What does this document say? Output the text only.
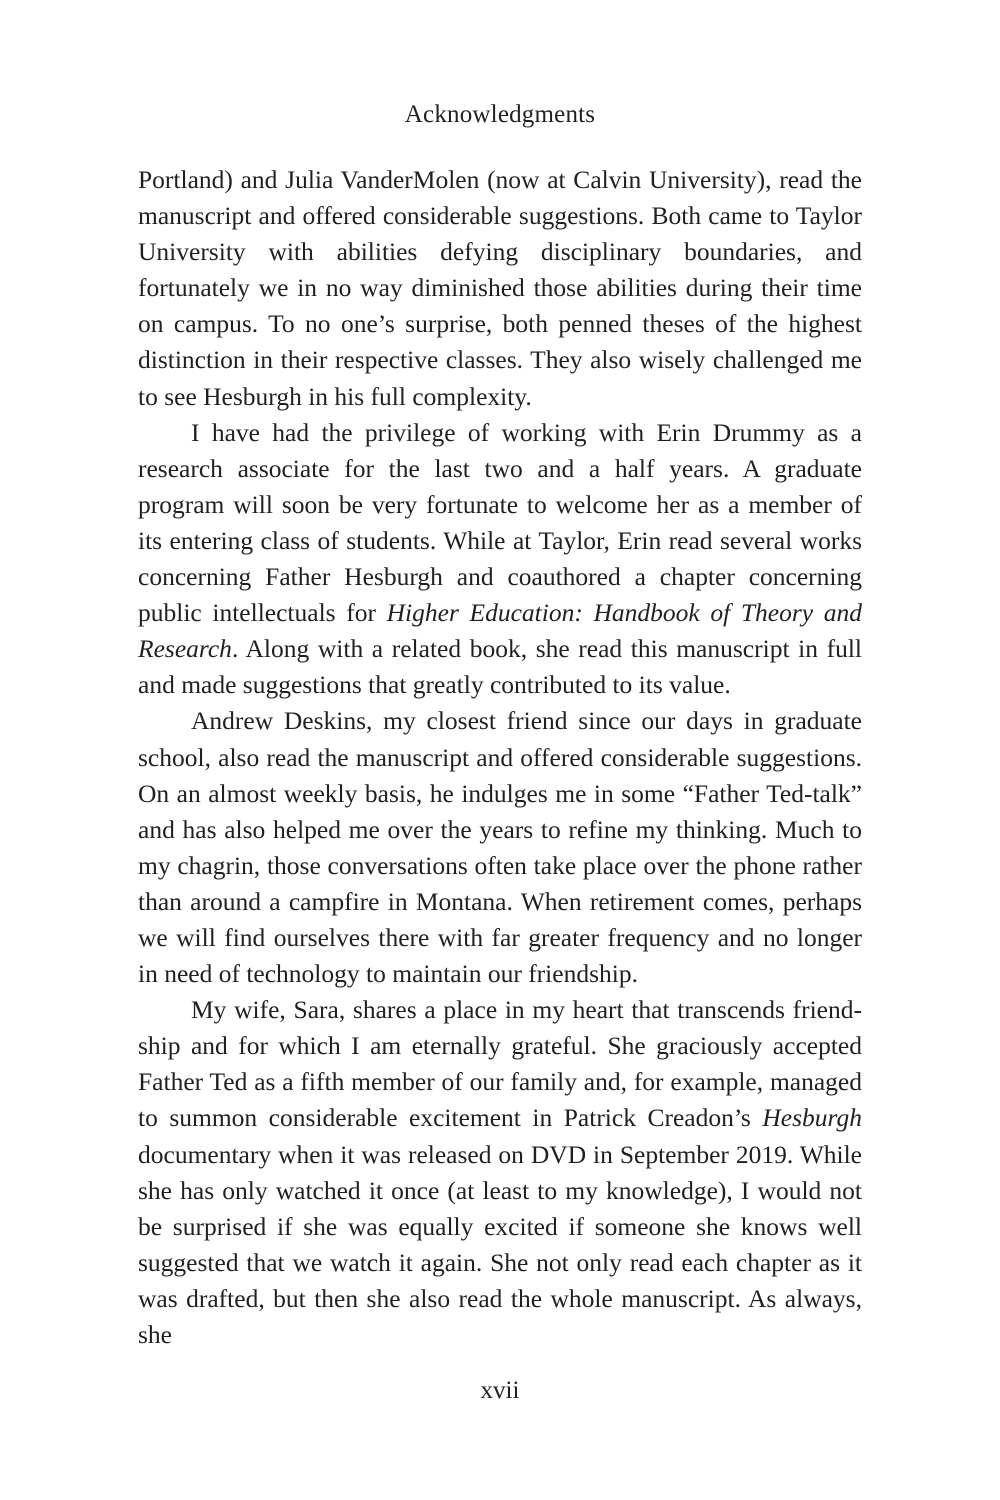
Acknowledgments

Portland) and Julia VanderMolen (now at Calvin University), read the manuscript and offered considerable suggestions. Both came to Taylor University with abilities defying disciplinary boundaries, and fortunately we in no way diminished those abilities during their time on campus. To no one’s surprise, both penned theses of the highest distinction in their respective classes. They also wisely challenged me to see Hesburgh in his full complexity.

I have had the privilege of working with Erin Drummy as a research associate for the last two and a half years. A graduate program will soon be very fortunate to welcome her as a member of its entering class of students. While at Taylor, Erin read several works concerning Father Hesburgh and coauthored a chapter concerning public intellectuals for Higher Education: Handbook of Theory and Research. Along with a related book, she read this manuscript in full and made suggestions that greatly contributed to its value.

Andrew Deskins, my closest friend since our days in graduate school, also read the manuscript and offered considerable suggestions. On an almost weekly basis, he indulges me in some “Father Ted-talk” and has also helped me over the years to refine my thinking. Much to my chagrin, those conversations often take place over the phone rather than around a campfire in Montana. When retirement comes, perhaps we will find ourselves there with far greater frequency and no longer in need of technology to maintain our friendship.

My wife, Sara, shares a place in my heart that transcends friendship and for which I am eternally grateful. She graciously accepted Father Ted as a fifth member of our family and, for example, managed to summon considerable excitement in Patrick Creadon’s Hesburgh documentary when it was released on DVD in September 2019. While she has only watched it once (at least to my knowledge), I would not be surprised if she was equally excited if someone she knows well suggested that we watch it again. She not only read each chapter as it was drafted, but then she also read the whole manuscript. As always, she

xvii
